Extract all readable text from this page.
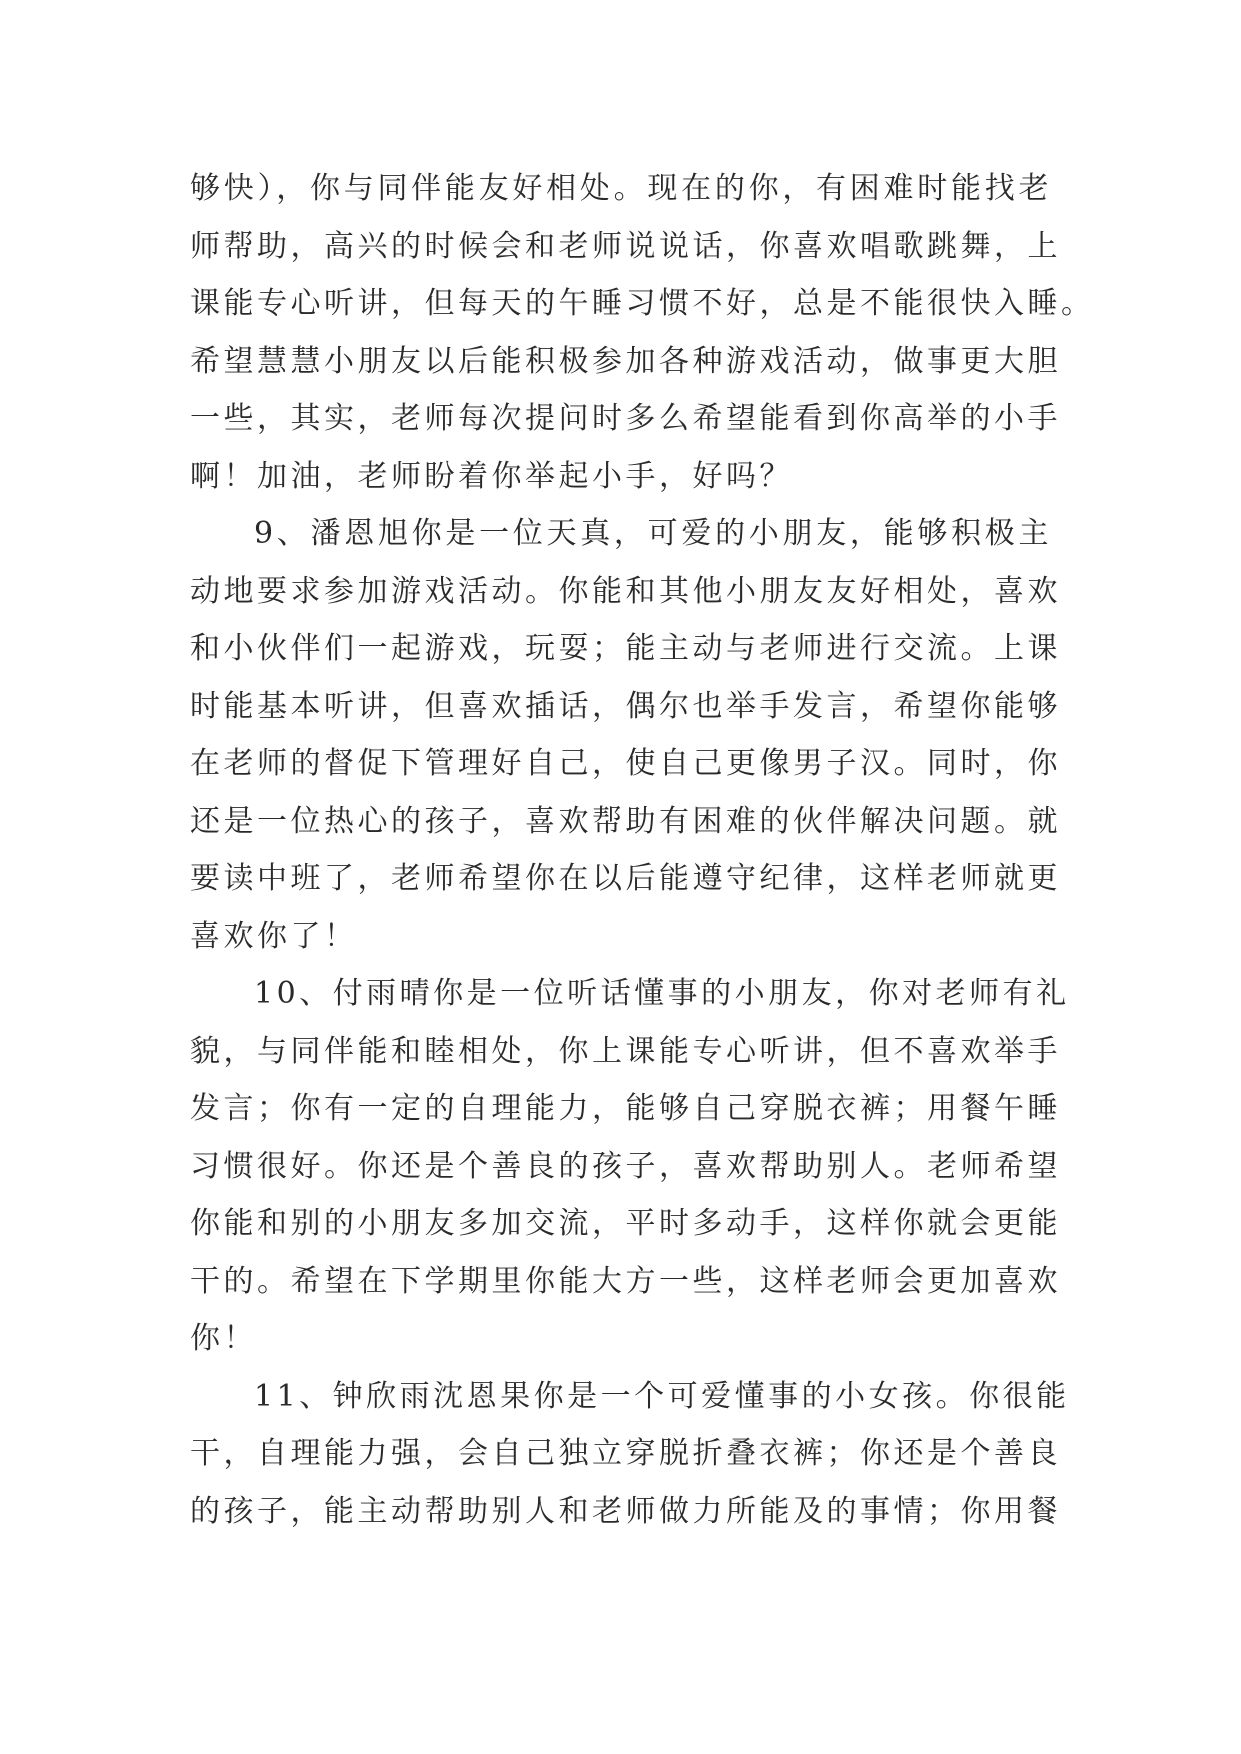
够快），你与同伴能友好相处。现在的你，有困难时能找老
师帮助，高兴的时候会和老师说说话，你喜欢唱歌跳舞，上
课能专心听讲，但每天的午睡习惯不好，总是不能很快入睡。
希望慧慧小朋友以后能积极参加各种游戏活动，做事更大胆
一些，其实，老师每次提问时多么希望能看到你高举的小手
啊！加油，老师盼着你举起小手，好吗？
9、潘恩旭你是一位天真，可爱的小朋友，能够积极主
动地要求参加游戏活动。你能和其他小朋友友好相处，喜欢
和小伙伴们一起游戏，玩耍；能主动与老师进行交流。上课
时能基本听讲，但喜欢插话，偶尔也举手发言，希望你能够
在老师的督促下管理好自己，使自己更像男子汉。同时，你
还是一位热心的孩子，喜欢帮助有困难的伙伴解决问题。就
要读中班了，老师希望你在以后能遵守纪律，这样老师就更
喜欢你了！
10、付雨晴你是一位听话懂事的小朋友，你对老师有礼
貌，与同伴能和睦相处，你上课能专心听讲，但不喜欢举手
发言；你有一定的自理能力，能够自己穿脱衣裤；用餐午睡
习惯很好。你还是个善良的孩子，喜欢帮助别人。老师希望
你能和别的小朋友多加交流，平时多动手，这样你就会更能
干的。希望在下学期里你能大方一些，这样老师会更加喜欢
你！
11、钟欣雨沈恩果你是一个可爱懂事的小女孩。你很能
干，自理能力强，会自己独立穿脱折叠衣裤；你还是个善良
的孩子，能主动帮助别人和老师做力所能及的事情；你用餐
